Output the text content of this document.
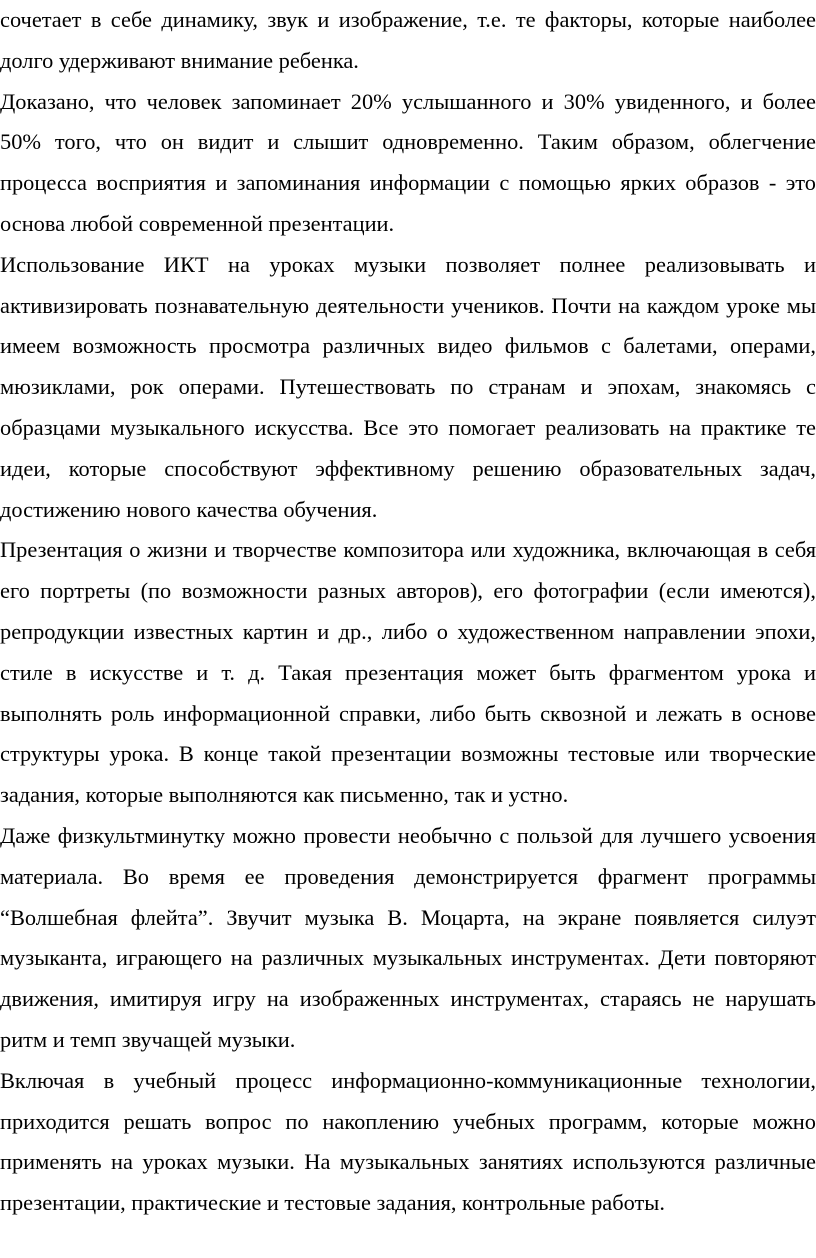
сочетает в себе динамику, звук и изображение, т.е. те факторы, которые наиболее долго удерживают внимание ребенка.

Доказано, что человек запоминает 20% услышанного и 30% увиденного, и более 50% того, что он видит и слышит одновременно. Таким образом, облегчение процесса восприятия и запоминания информации с помощью ярких образов - это основа любой современной презентации.

Использование ИКТ на уроках музыки позволяет полнее реализовывать и активизировать познавательную деятельности учеников. Почти на каждом уроке мы имеем возможность просмотра различных видео фильмов с балетами, операми, мюзиклами, рок операми. Путешествовать по странам и эпохам, знакомясь с образцами музыкального искусства. Все это помогает реализовать на практике те идеи, которые способствуют эффективному решению образовательных задач, достижению нового качества обучения.

Презентация о жизни и творчестве композитора или художника, включающая в себя его портреты (по возможности разных авторов), его фотографии (если имеются), репродукции известных картин и др., либо о художественном направлении эпохи, стиле в искусстве и т. д. Такая презентация может быть фрагментом урока и выполнять роль информационной справки, либо быть сквозной и лежать в основе структуры урока. В конце такой презентации возможны тестовые или творческие задания, которые выполняются как письменно, так и устно.

Даже физкультминутку можно провести необычно с пользой для лучшего усвоения материала. Во время ее проведения демонстрируется фрагмент программы “Волшебная флейта”. Звучит музыка В. Моцарта, на экране появляется силуэт музыканта, играющего на различных музыкальных инструментах. Дети повторяют движения, имитируя игру на изображенных инструментах, стараясь не нарушать ритм и темп звучащей музыки.

Включая в учебный процесс информационно-коммуникационные технологии, приходится решать вопрос по накоплению учебных программ, которые можно применять на уроках музыки. На музыкальных занятиях используются различные презентации, практические и тестовые задания, контрольные работы.
